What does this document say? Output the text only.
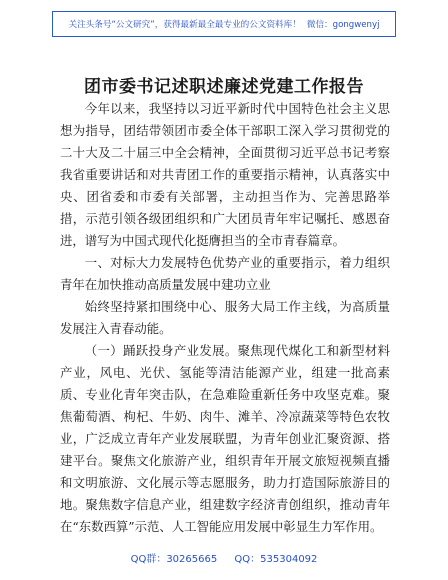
关注头条号“公文研究”，获得最新最全最专业的公文资料库！ 微信：gongwenyj
团市委书记述职述廉述党建工作报告

今年以来，我坚持以习近平新时代中国特色社会主义思想为指导，团结带领团市委全体干部职工深入学习贯彻党的二十大及二十届三中全会精神，全面贯彻习近平总书记考察我省重要讲话和对共青团工作的重要指示精神，认真落实中央、团省委和市委有关部署，主动担当作为、完善思路举措，示范引领各级团组织和广大团员青年牢记嘱托、感恩奋进，谱写为中国式现代化挺膺担当的全市青春篇章。

一、对标大力发展特色优势产业的重要指示，着力组织青年在加快推动高质量发展中建功立业

始终坚持紧扣围绕中心、服务大局工作主线，为高质量发展注入青春动能。

（一）踊跃投身产业发展。聚焦现代煤化工和新型材料产业，风电、光伏、氢能等清洁能源产业，组建一批高素质、专业化青年突击队，在急难险重新任务中攻坚克难。聚焦葡萄酒、枸杞、牛奶、肉牛、滩羊、冷凉蔬菜等特色农牧业，广泛成立青年产业发展联盟，为青年创业汇聚资源、搭建平台。聚焦文化旅游产业，组织青年开展文旅短视频直播和文明旅游、文化展示等志愿服务，助力打造国际旅游目的地。聚焦数字信息产业，组建数字经济青创组织，推动青年在“东数西算”示范、人工智能应用发展中彰显生力军作用。

QQ群：30265665 QQ：535304092
